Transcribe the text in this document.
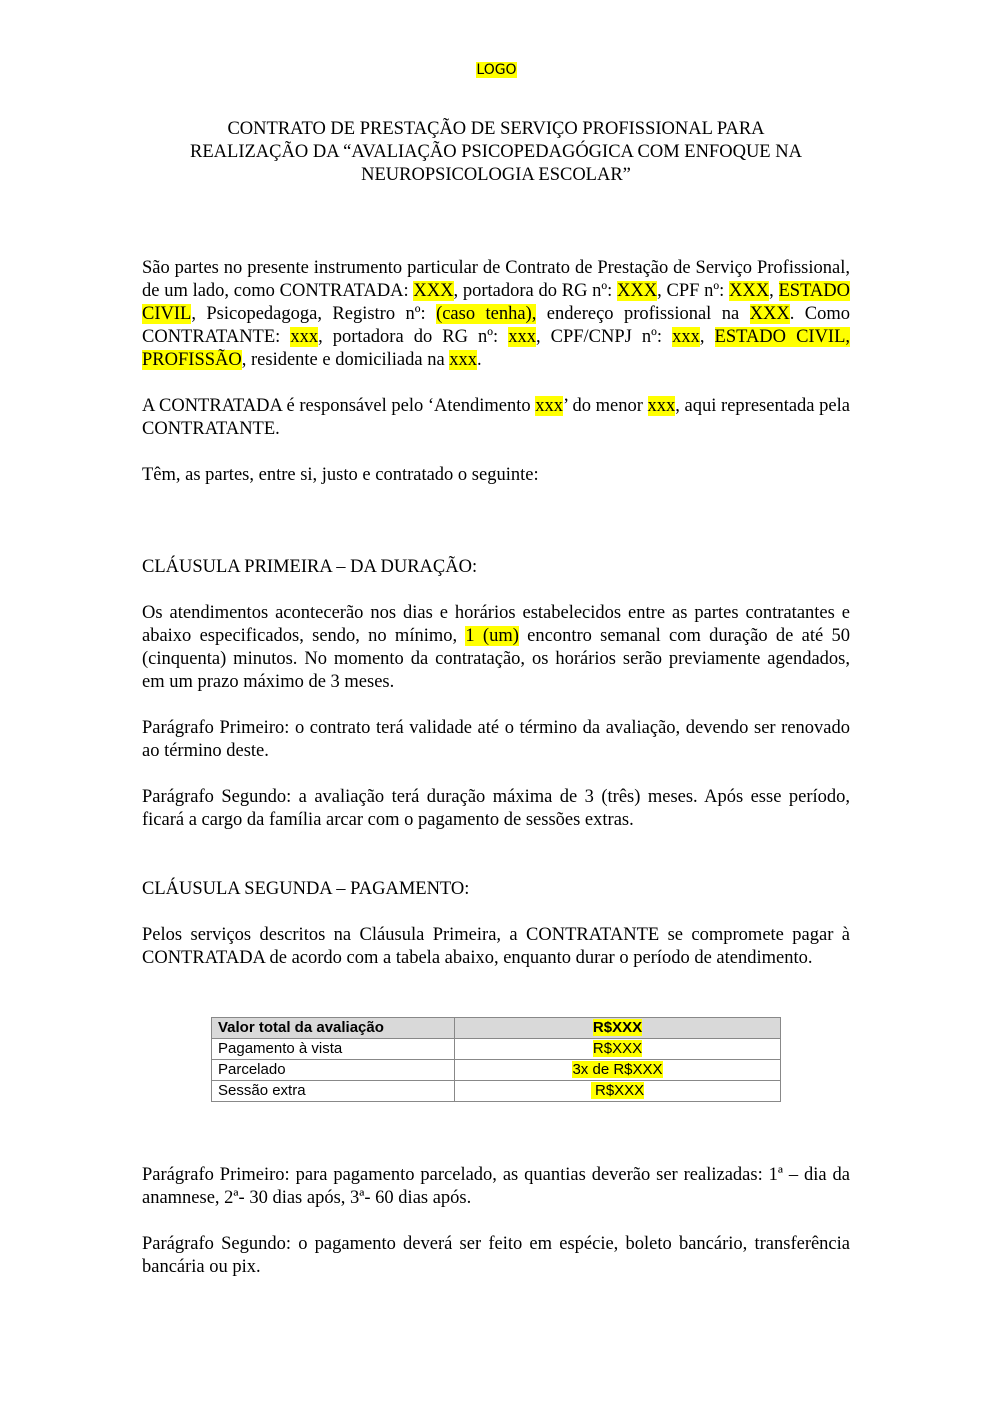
LOGO
CONTRATO DE PRESTAÇÃO DE SERVIÇO PROFISSIONAL PARA
REALIZAÇÃO DA “AVALIAÇÃO PSICOPEDAGÓGICA COM ENFOQUE NA
NEUROPSICOLOGIA ESCOLAR”

São partes no presente instrumento particular de Contrato de Prestação de Serviço Profissional, de um lado, como CONTRATADA: XXX, portadora do RG nº: XXX, CPF nº: XXX, ESTADO CIVIL, Psicopedagoga, Registro nº: (caso tenha), endereço profissional na XXX. Como CONTRATANTE: xxx, portadora do RG nº: xxx, CPF/CNPJ nº: xxx, ESTADO CIVIL, PROFISSÃO, residente e domiciliada na xxx.

A CONTRATADA é responsável pelo ‘Atendimento xxx’ do menor xxx, aqui representada pela CONTRATANTE.

Têm, as partes, entre si, justo e contratado o seguinte:

CLÁUSULA PRIMEIRA – DA DURAÇÃO:

Os atendimentos acontecerão nos dias e horários estabelecidos entre as partes contratantes e abaixo especificados, sendo, no mínimo, 1 (um) encontro semanal com duração de até 50 (cinquenta) minutos. No momento da contratação, os horários serão previamente agendados, em um prazo máximo de 3 meses.

Parágrafo Primeiro: o contrato terá validade até o término da avaliação, devendo ser renovado ao término deste.

Parágrafo Segundo: a avaliação terá duração máxima de 3 (três) meses. Após esse período, ficará a cargo da família arcar com o pagamento de sessões extras.

CLÁUSULA SEGUNDA – PAGAMENTO:

Pelos serviços descritos na Cláusula Primeira, a CONTRATANTE se compromete pagar à CONTRATADA de acordo com a tabela abaixo, enquanto durar o período de atendimento.

Valor total da avaliação	R$XXX
Pagamento à vista	R$XXX
Parcelado	3x de R$XXX
Sessão extra	R$XXX

Parágrafo Primeiro: para pagamento parcelado, as quantias deverão ser realizadas: 1ª – dia da anamnese, 2ª- 30 dias após, 3ª- 60 dias após.

Parágrafo Segundo: o pagamento deverá ser feito em espécie, boleto bancário, transferência bancária ou pix.
